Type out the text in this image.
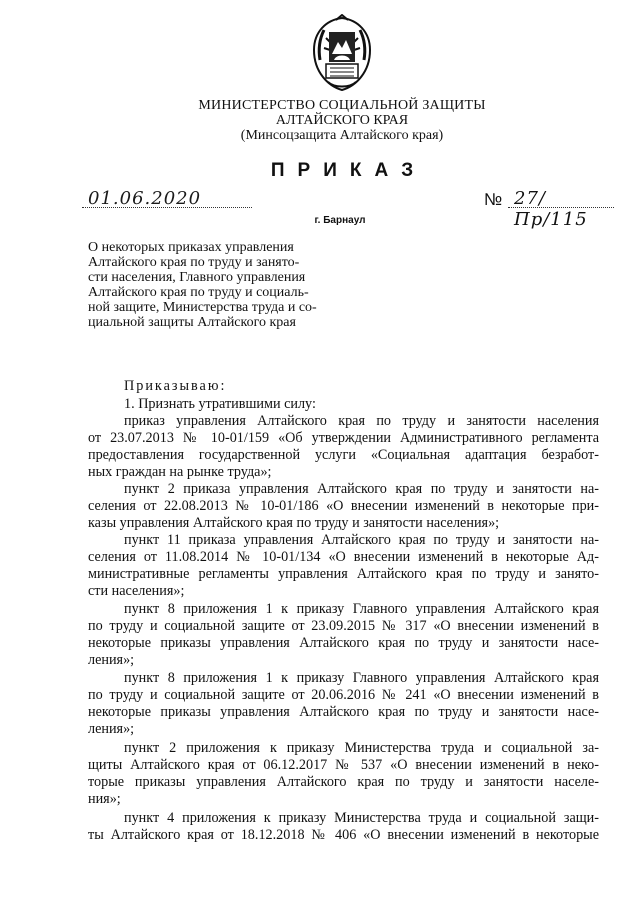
МИНИСТЕРСТВО СОЦИАЛЬНОЙ ЗАЩИТЫ
АЛТАЙСКОГО КРАЯ
(Минсоцзащита Алтайского края)
ПРИКАЗ
01.06.2020	№ 27/Пр/115
г. Барнаул
О некоторых приказах управления
Алтайского края по труду и занято-
сти населения, Главного управления
Алтайского края по труду и социаль-
ной защите, Министерства труда и со-
циальной защиты Алтайского края
Приказываю:
1. Признать утратившими силу:
приказ управления Алтайского края по труду и занятости населения
от 23.07.2013 № 10-01/159 «Об утверждении Административного регламента
предоставления государственной услуги «Социальная адаптация безработ-
ных граждан на рынке труда»;
пункт 2 приказа управления Алтайского края по труду и занятости на-
селения от 22.08.2013 № 10-01/186 «О внесении изменений в некоторые при-
казы управления Алтайского края по труду и занятости населения»;
пункт 11 приказа управления Алтайского края по труду и занятости на-
селения от 11.08.2014 № 10-01/134 «О внесении изменений в некоторые Ад-
министративные регламенты управления Алтайского края по труду и занято-
сти населения»;
пункт 8 приложения 1 к приказу Главного управления Алтайского края
по труду и социальной защите от 23.09.2015 № 317 «О внесении изменений в
некоторые приказы управления Алтайского края по труду и занятости насе-
ления»;
пункт 8 приложения 1 к приказу Главного управления Алтайского края
по труду и социальной защите от 20.06.2016 № 241 «О внесении изменений в
некоторые приказы управления Алтайского края по труду и занятости насе-
ления»;
пункт 2 приложения к приказу Министерства труда и социальной за-
щиты Алтайского края от 06.12.2017 № 537 «О внесении изменений в неко-
торые приказы управления Алтайского края по труду и занятости населе-
ния»;
пункт 4 приложения к приказу Министерства труда и социальной защи-
ты Алтайского края от 18.12.2018 № 406 «О внесении изменений в некоторые
